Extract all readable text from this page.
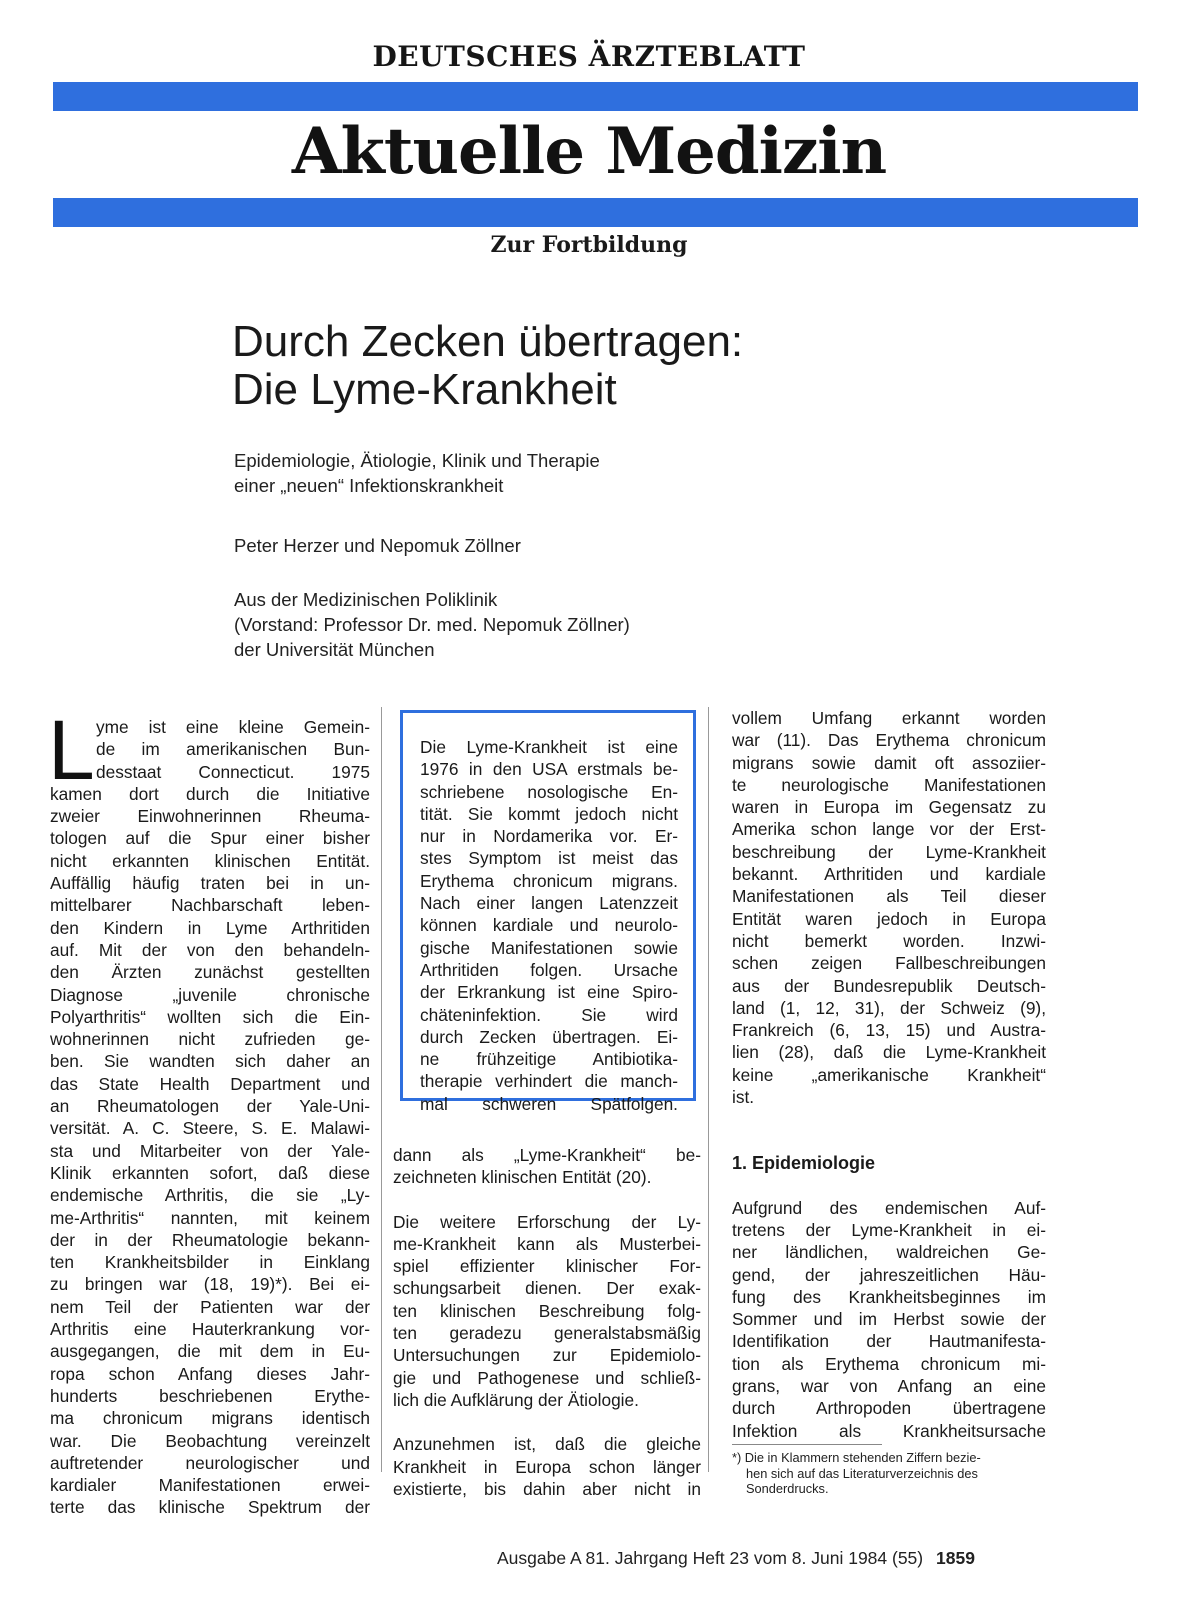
DEUTSCHES ÄRZTEBLATT
Aktuelle Medizin
Zur Fortbildung
Durch Zecken übertragen:
Die Lyme-Krankheit
Epidemiologie, Ätiologie, Klinik und Therapie
einer „neuen“ Infektionskrankheit
Peter Herzer und Nepomuk Zöllner
Aus der Medizinischen Poliklinik
(Vorstand: Professor Dr. med. Nepomuk Zöllner)
der Universität München
L yme ist eine kleine Gemein-
de im amerikanischen Bun-
desstaat Connecticut. 1975
kamen dort durch die Initiative
zweier Einwohnerinnen Rheuma-
tologen auf die Spur einer bisher
nicht erkannten klinischen Entität.
Auffällig häufig traten bei in un-
mittelbarer Nachbarschaft leben-
den Kindern in Lyme Arthritiden
auf. Mit der von den behandeln-
den Ärzten zunächst gestellten
Diagnose „juvenile chronische
Polyarthritis“ wollten sich die Ein-
wohnerinnen nicht zufrieden ge-
ben. Sie wandten sich daher an
das State Health Department und
an Rheumatologen der Yale-Uni-
versität. A. C. Steere, S. E. Malawi-
sta und Mitarbeiter von der Yale-
Klinik erkannten sofort, daß diese
endemische Arthritis, die sie „Ly-
me-Arthritis“ nannten, mit keinem
der in der Rheumatologie bekann-
ten Krankheitsbilder in Einklang
zu bringen war (18, 19)*). Bei ei-
nem Teil der Patienten war der
Arthritis eine Hauterkrankung vor-
ausgegangen, die mit dem in Eu-
ropa schon Anfang dieses Jahr-
hunderts beschriebenen Erythe-
ma chronicum migrans identisch
war. Die Beobachtung vereinzelt
auftretender neurologischer und
kardialer Manifestationen erwei-
terte das klinische Spektrum der
Die Lyme-Krankheit ist eine
1976 in den USA erstmals be-
schriebene nosologische En-
tität. Sie kommt jedoch nicht
nur in Nordamerika vor. Er-
stes Symptom ist meist das
Erythema chronicum migrans.
Nach einer langen Latenzzeit
können kardiale und neurolo-
gische Manifestationen sowie
Arthritiden folgen. Ursache
der Erkrankung ist eine Spiro-
chäteninfektion. Sie wird
durch Zecken übertragen. Ei-
ne frühzeitige Antibiotika-
therapie verhindert die manch-
mal schweren Spätfolgen.
dann als „Lyme-Krankheit“ be-
zeichneten klinischen Entität (20).
Die weitere Erforschung der Ly-
me-Krankheit kann als Musterbei-
spiel effizienter klinischer For-
schungsarbeit dienen. Der exak-
ten klinischen Beschreibung folg-
ten geradezu generalstabsmäßig
Untersuchungen zur Epidemiolo-
gie und Pathogenese und schließ-
lich die Aufklärung der Ätiologie.
Anzunehmen ist, daß die gleiche
Krankheit in Europa schon länger
existierte, bis dahin aber nicht in
vollem Umfang erkannt worden
war (11). Das Erythema chronicum
migrans sowie damit oft assoziier-
te neurologische Manifestationen
waren in Europa im Gegensatz zu
Amerika schon lange vor der Erst-
beschreibung der Lyme-Krankheit
bekannt. Arthritiden und kardiale
Manifestationen als Teil dieser
Entität waren jedoch in Europa
nicht bemerkt worden. Inzwi-
schen zeigen Fallbeschreibungen
aus der Bundesrepublik Deutsch-
land (1, 12, 31), der Schweiz (9),
Frankreich (6, 13, 15) und Austra-
lien (28), daß die Lyme-Krankheit
keine „amerikanische Krankheit“
ist.
1. Epidemiologie
Aufgrund des endemischen Auf-
tretens der Lyme-Krankheit in ei-
ner ländlichen, waldreichen Ge-
gend, der jahreszeitlichen Häu-
fung des Krankheitsbeginnes im
Sommer und im Herbst sowie der
Identifikation der Hautmanifesta-
tion als Erythema chronicum mi-
grans, war von Anfang an eine
durch Arthropoden übertragene
Infektion als Krankheitsursache
*) Die in Klammern stehenden Ziffern bezie-
hen sich auf das Literaturverzeichnis des
Sonderdrucks.
Ausgabe A 81. Jahrgang Heft 23 vom 8. Juni 1984 (55) 1859
